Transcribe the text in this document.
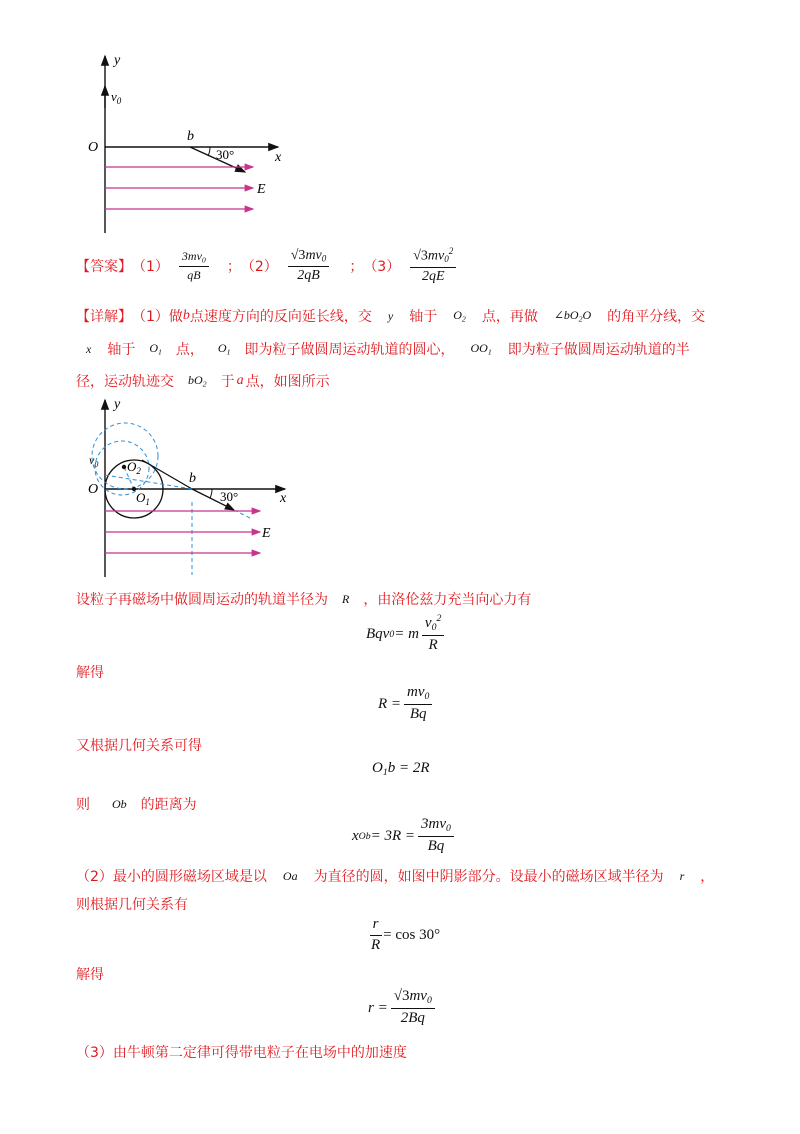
y
$v_0$
O
b
30°	x
E
【答案】 $(1) \frac{3mv_0}{qB}$ ； $(2) \frac{√3mv_0}{2qB}$ ； $(3) \frac{√3mv_0^2}{2qE}$
【详解】 （1）做 b 点速度方向的反向延长线，交 y 轴于 $O_2$ 点，再做 $\angle bO_2O$ 的角平分线，交
x 轴于 $O_1$ 点， $O_1$ 即为粒子做圆周运动轨道的圆心， $OO_1$ 即为粒子做圆周运动轨道的半
径，运动轨迹交 $bO_2$ 于 a 点，如图所示
y
$v_0$ $O_2$
O
$O_1$
b
30°	x
E
设粒子再磁场中做圆周运动的轨道半径为 R ，由洛伦兹力充当向心力有
Bqv 0 = m $\frac{v_0^2}{R}$
解得
$R = \frac{mv_0}{Bq}$
又根据几何关系可得
$O_1b = 2R$
则 Ob 的距离为
x $Ob = 3R = \frac{3mv_0}{Bq}$
（2）最小的圆形磁场区域是以 Oa 为直径的圆，如图中阴影部分。设最小的磁场区域半径为 r ，
则根据几何关系有
$\frac{r}{R} = \cos 30^\circ$
解得
$r = \frac{√3mv_0}{2Bq}$
（3）由牛顿第二定律可得带电粒子在电场中的加速度
